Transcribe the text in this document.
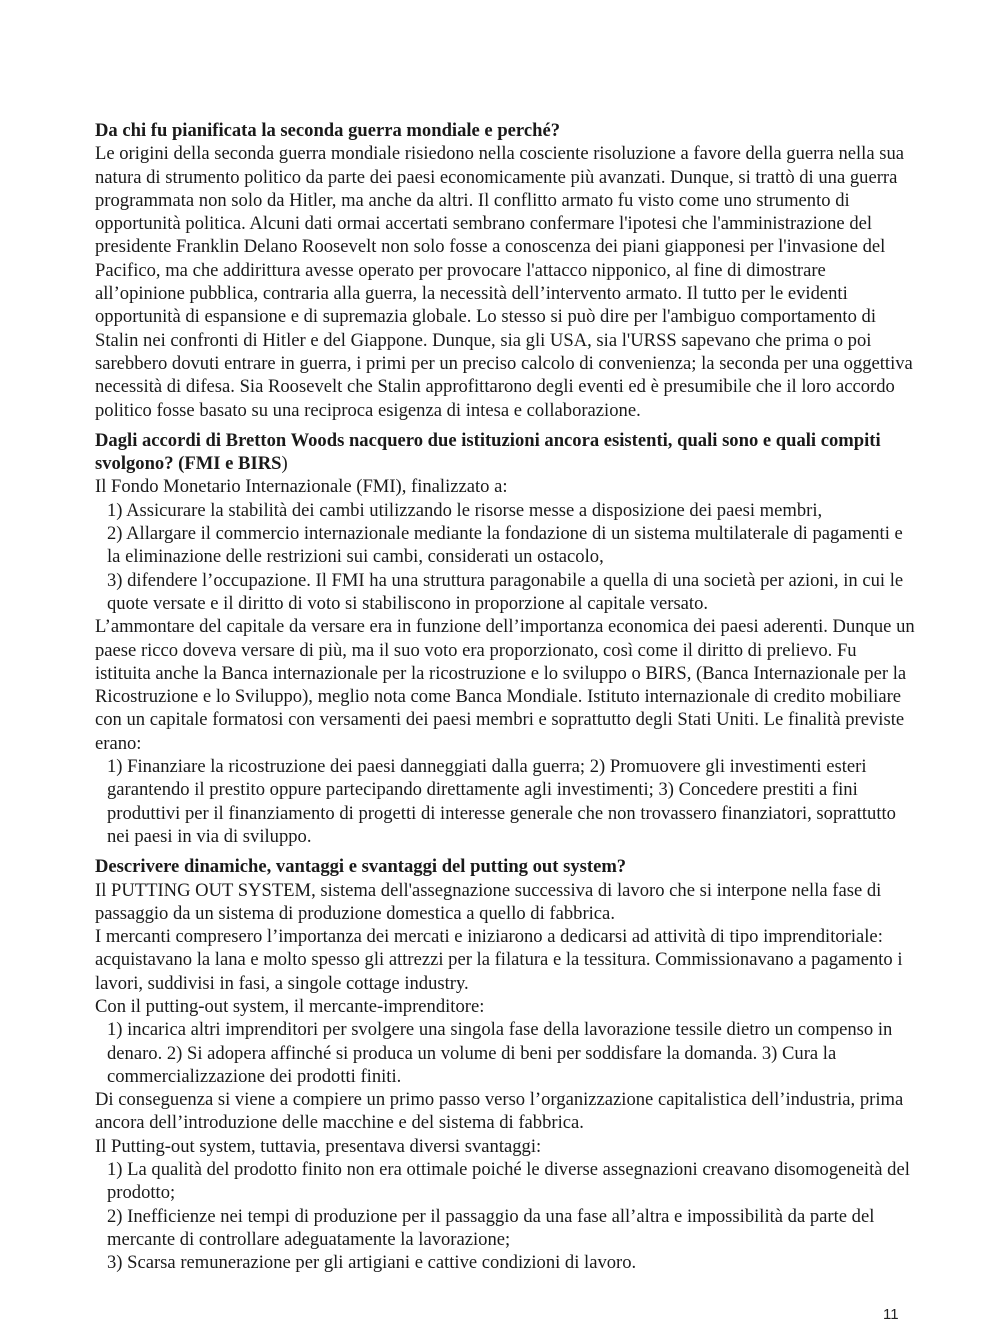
Da chi fu pianificata la seconda guerra mondiale e perché?
Le origini della seconda guerra mondiale risiedono nella cosciente risoluzione a favore della guerra nella sua natura di strumento politico da parte dei paesi economicamente più avanzati. Dunque, si trattò di una guerra programmata non solo da Hitler, ma anche da altri. Il conflitto armato fu visto come uno strumento di opportunità politica. Alcuni dati ormai accertati sembrano confermare l'ipotesi che l'amministrazione del presidente Franklin Delano Roosevelt non solo fosse a conoscenza dei piani giapponesi per l'invasione del Pacifico, ma che addirittura avesse operato per provocare l'attacco nipponico, al fine di dimostrare all’opinione pubblica, contraria alla guerra, la necessità dell’intervento armato. Il tutto per le evidenti opportunità di espansione e di supremazia globale. Lo stesso si può dire per l'ambiguo comportamento di Stalin nei confronti di Hitler e del Giappone. Dunque, sia gli USA, sia l'URSS sapevano che prima o poi sarebbero dovuti entrare in guerra, i primi per un preciso calcolo di convenienza; la seconda per una oggettiva necessità di difesa. Sia Roosevelt che Stalin approfittarono degli eventi ed è presumibile che il loro accordo politico fosse basato su una reciproca esigenza di intesa e collaborazione.
Dagli accordi di Bretton Woods nacquero due istituzioni ancora esistenti, quali sono e quali compiti svolgono? (FMI e BIRS)
Il Fondo Monetario Internazionale (FMI), finalizzato a:
1) Assicurare la stabilità dei cambi utilizzando le risorse messe a disposizione dei paesi membri,
2) Allargare il commercio internazionale mediante la fondazione di un sistema multilaterale di pagamenti e la eliminazione delle restrizioni sui cambi, considerati un ostacolo,
3) difendere l’occupazione. Il FMI ha una struttura paragonabile a quella di una società per azioni, in cui le quote versate e il diritto di voto si stabiliscono in proporzione al capitale versato.
L’ammontare del capitale da versare era in funzione dell’importanza economica dei paesi aderenti. Dunque un paese ricco doveva versare di più, ma il suo voto era proporzionato, così come il diritto di prelievo. Fu istituita anche la Banca internazionale per la ricostruzione e lo sviluppo o BIRS, (Banca Internazionale per la Ricostruzione e lo Sviluppo), meglio nota come Banca Mondiale. Istituto internazionale di credito mobiliare con un capitale formatosi con versamenti dei paesi membri e soprattutto degli Stati Uniti. Le finalità previste erano:
1) Finanziare la ricostruzione dei paesi danneggiati dalla guerra; 2) Promuovere gli investimenti esteri garantendo il prestito oppure partecipando direttamente agli investimenti; 3) Concedere prestiti a fini produttivi per il finanziamento di progetti di interesse generale che non trovassero finanziatori, soprattutto nei paesi in via di sviluppo.
Descrivere dinamiche, vantaggi e svantaggi del putting out system?
Il PUTTING OUT SYSTEM, sistema dell'assegnazione successiva di lavoro che si interpone nella fase di passaggio da un sistema di produzione domestica a quello di fabbrica.
I mercanti compresero l’importanza dei mercati e iniziarono a dedicarsi ad attività di tipo imprenditoriale: acquistavano la lana e molto spesso gli attrezzi per la filatura e la tessitura. Commissionavano a pagamento i lavori, suddivisi in fasi, a singole cottage industry.
Con il putting-out system, il mercante-imprenditore:
1) incarica altri imprenditori per svolgere una singola fase della lavorazione tessile dietro un compenso in denaro. 2) Si adopera affinché si produca un volume di beni per soddisfare la domanda. 3) Cura la commercializzazione dei prodotti finiti.
Di conseguenza si viene a compiere un primo passo verso l’organizzazione capitalistica dell’industria, prima ancora dell’introduzione delle macchine e del sistema di fabbrica.
Il Putting-out system, tuttavia, presentava diversi svantaggi:
1) La qualità del prodotto finito non era ottimale poiché le diverse assegnazioni creavano disomogeneità del prodotto;
2) Inefficienze nei tempi di produzione per il passaggio da una fase all’altra e impossibilità da parte del mercante di controllare adeguatamente la lavorazione;
3) Scarsa remunerazione per gli artigiani e cattive condizioni di lavoro.
11
